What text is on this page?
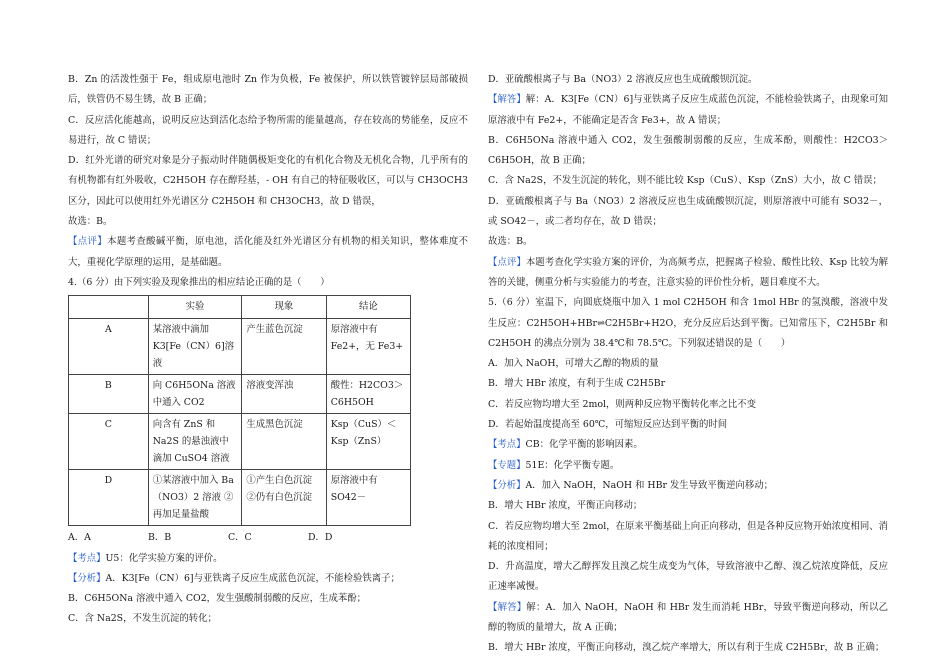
B．Zn 的活泼性强于 Fe，组成原电池时 Zn 作为负极，Fe 被保护，所以铁管镀锌层局部破损后，铁管仍不易生锈，故 B 正确；

C．反应活化能越高，说明反应达到活化态给予物所需的能量越高，存在较高的势能垒，反应不易进行，故 C 错误；

D．红外光谱的研究对象是分子振动时伴随偶极矩变化的有机化合物及无机化合物，几乎所有的有机物都有红外吸收，C2H5OH 存在醇羟基，- OH 有自己的特征吸收区，可以与 CH3OCH3 区分，因此可以使用红外光谱区分 C2H5OH 和 CH3OCH3，故 D 错误，

故选：B。

【点评】本题考查酸碱平衡，原电池，活化能及红外光谱区分有机物的相关知识，整体难度不大，重视化学原理的运用，是基础题。

4.（6 分）由下列实验及现象推出的相应结论正确的是（　　）

	实验	现象	结论
A	某溶液中滴加 K3[Fe（CN）6]溶液	产生蓝色沉淀	原溶液中有 Fe2+，无 Fe3+
B	向 C6H5ONa 溶液中通入 CO2	溶液变浑浊	酸性：H2CO3＞C6H5OH
C	向含有 ZnS 和 Na2S 的悬浊液中滴加 CuSO4 溶液	生成黑色沉淀	Ksp（CuS）＜ Ksp（ZnS）
D	①某溶液中加入 Ba（NO3）2 溶液 ②再加足量盐酸	①产生白色沉淀 ②仍有白色沉淀	原溶液中有 SO42－

A．A	B．B	C．C	D．D

【考点】U5：化学实验方案的评价。

【分析】A．K3[Fe（CN）6]与亚铁离子反应生成蓝色沉淀，不能检验铁离子；

B．C6H5ONa 溶液中通入 CO2，发生强酸制弱酸的反应，生成苯酚；

C．含 Na2S，不发生沉淀的转化；

D．亚硫酸根离子与 Ba（NO3）2 溶液反应也生成硫酸钡沉淀。

【解答】解：A．K3[Fe（CN）6]与亚铁离子反应生成蓝色沉淀，不能检验铁离子，由现象可知原溶液中有 Fe2+，不能确定是否含 Fe3+，故 A 错误；

B．C6H5ONa 溶液中通入 CO2，发生强酸制弱酸的反应，生成苯酚，则酸性：H2CO3＞C6H5OH，故 B 正确；

C．含 Na2S，不发生沉淀的转化，则不能比较 Ksp（CuS）、Ksp（ZnS）大小，故 C 错误；

D．亚硫酸根离子与 Ba（NO3）2 溶液反应也生成硫酸钡沉淀，则原溶液中可能有 SO32－，或 SO42－，或二者均存在，故 D 错误；

故选：B。

【点评】本题考查化学实验方案的评价，为高频考点，把握离子检验、酸性比较、Ksp 比较为解答的关键，侧重分析与实验能力的考查，注意实验的评价性分析，题目难度不大。

5.（6 分）室温下，向圆底烧瓶中加入 1 mol C2H5OH 和含 1mol HBr 的氢溴酸，溶液中发生反应：C2H5OH+HBr⇌C2H5Br+H2O，充分反应后达到平衡。已知常压下，C2H5Br 和 C2H5OH 的沸点分别为 38.4℃和 78.5℃。下列叙述错误的是（　　）

A．加入 NaOH，可增大乙醇的物质的量

B．增大 HBr 浓度，有利于生成 C2H5Br

C．若反应物均增大至 2mol，则两种反应物平衡转化率之比不变

D．若起始温度提高至 60℃，可缩短反应达到平衡的时间

【考点】CB：化学平衡的影响因素。

【专题】51E：化学平衡专题。

【分析】A．加入 NaOH，NaOH 和 HBr 发生导致平衡逆向移动；

B．增大 HBr 浓度，平衡正向移动；

C．若反应物均增大至 2mol，在原来平衡基础上向正向移动，但是各种反应物开始浓度相同、消耗的浓度相同；

D．升高温度，增大乙醇挥发且溴乙烷生成变为气体，导致溶液中乙醇、溴乙烷浓度降低，反应正速率减慢。

【解答】解：A．加入 NaOH，NaOH 和 HBr 发生而消耗 HBr，导致平衡逆向移动，所以乙醇的物质的量增大，故 A 正确；

B．增大 HBr 浓度，平衡正向移动，溴乙烷产率增大，所以有利于生成 C2H5Br，故 B 正确；
